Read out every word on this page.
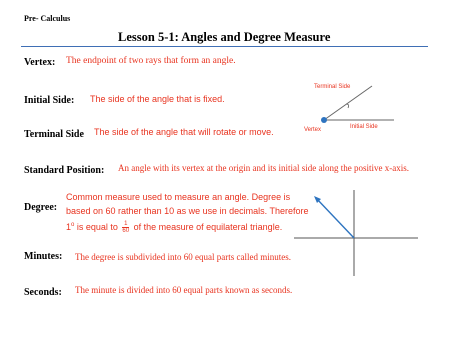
Pre- Calculus
Lesson 5-1: Angles and Degree Measure
Vertex: The endpoint of two rays that form an angle.
Initial Side: The side of the angle that is fixed.
Terminal Side The side of the angle that will rotate or move.
Standard Position: An angle with its vertex at the origin and its initial side along the positive x-axis.
Degree:
Common measure used to measure an angle. Degree is
based on 60 rather than 10 as we use in decimals. Therefore
1$^o$ is equal to $\frac{1}{60}$ of the measure of equilateral triangle.
Minutes: The degree is subdivided into 60 equal parts called minutes.
Seconds: The minute is divided into 60 equal parts known as seconds.
Terminal Side
Vertex	Initial Side
